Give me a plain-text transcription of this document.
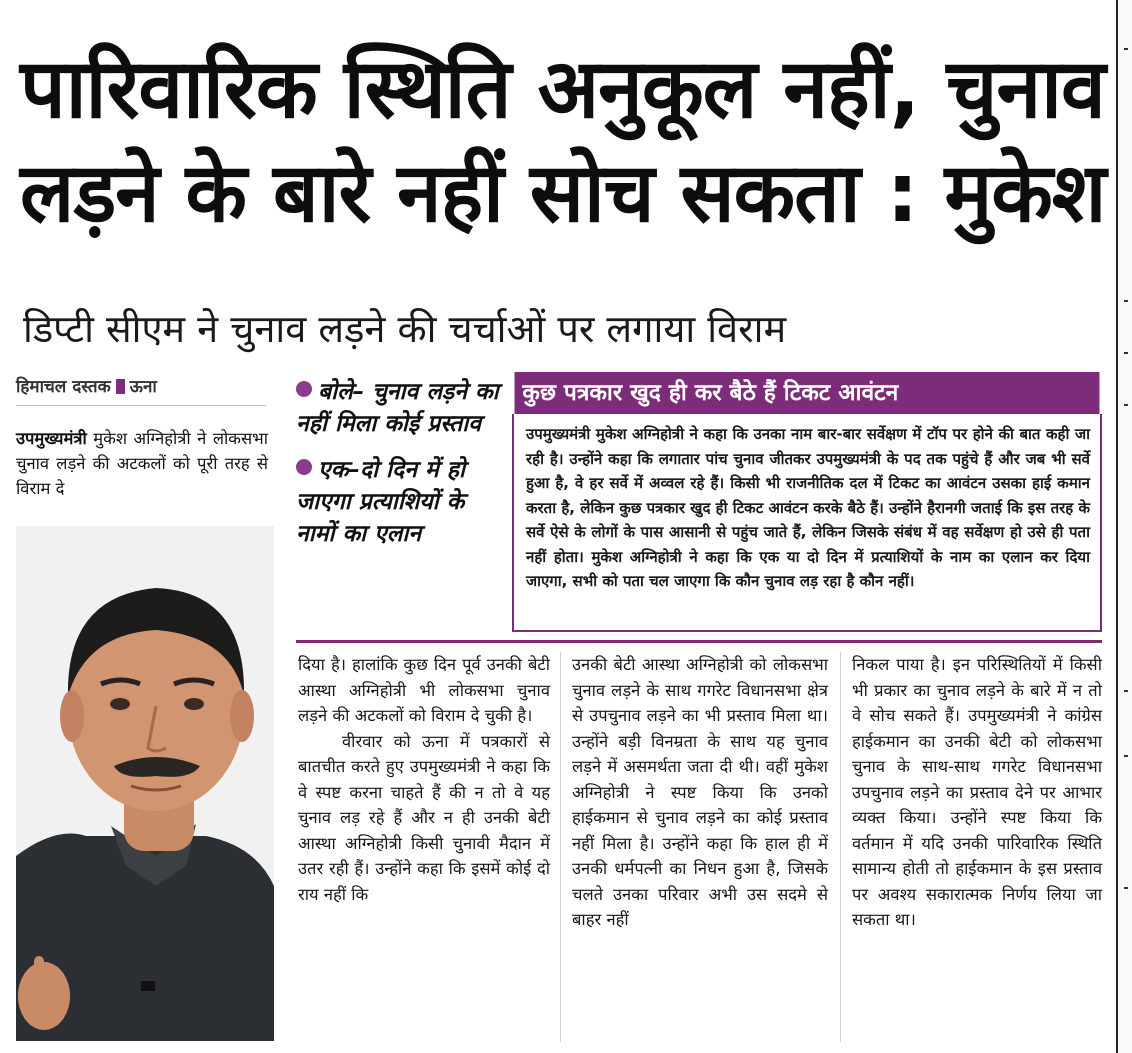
पारिवारिक स्थिति अनुकूल नहीं, चुनाव
लड़ने के बारे नहीं सोच सकता : मुकेश
डिप्टी सीएम ने चुनाव लड़ने की चर्चाओं पर लगाया विराम
हिमाचल दस्तक ऊना
उपमुख्यमंत्री मुकेश अग्निहोत्री ने लोकसभा चुनाव लड़ने की अटकलों को पूरी तरह से विराम दे
बोले– चुनाव लड़ने का नहीं मिला कोई प्रस्ताव
एक–दो दिन में हो जाएगा प्रत्याशियों के नामों का एलान
कुछ पत्रकार खुद ही कर बैठे हैं टिकट आवंटन
उपमुख्यमंत्री मुकेश अग्निहोत्री ने कहा कि उनका नाम बार-बार सर्वेक्षण में टॉप पर होने की बात कही जा रही है। उन्होंने कहा कि लगातार पांच चुनाव जीतकर उपमुख्यमंत्री के पद तक पहुंचे हैं और जब भी सर्वे हुआ है, वे हर सर्वे में अव्वल रहे हैं। किसी भी राजनीतिक दल में टिकट का आवंटन उसका हाई कमान करता है, लेकिन कुछ पत्रकार खुद ही टिकट आवंटन करके बैठे हैं। उन्होंने हैरानगी जताई कि इस तरह के सर्वे ऐसे के लोगों के पास आसानी से पहुंच जाते हैं, लेकिन जिसके संबंध में वह सर्वेक्षण हो उसे ही पता नहीं होता। मुकेश अग्निहोत्री ने कहा कि एक या दो दिन में प्रत्याशियों के नाम का एलान कर दिया जाएगा, सभी को पता चल जाएगा कि कौन चुनाव लड़ रहा है कौन नहीं।

दिया है। हालांकि कुछ दिन पूर्व उनकी बेटी आस्था अग्निहोत्री भी लोकसभा चुनाव लड़ने की अटकलों को विराम दे चुकी है।

वीरवार को ऊना में पत्रकारों से बातचीत करते हुए उपमुख्यमंत्री ने कहा कि वे स्पष्ट करना चाहते हैं की न तो वे यह चुनाव लड़ रहे हैं और न ही उनकी बेटी आस्था अग्निहोत्री किसी चुनावी मैदान में उतर रही हैं। उन्होंने कहा कि इसमें कोई दो राय नहीं कि

उनकी बेटी आस्था अग्निहोत्री को लोकसभा चुनाव लड़ने के साथ गगरेट विधानसभा क्षेत्र से उपचुनाव लड़ने का भी प्रस्ताव मिला था। उन्होंने बड़ी विनम्रता के साथ यह चुनाव लड़ने में असमर्थता जता दी थी। वहीं मुकेश अग्निहोत्री ने स्पष्ट किया कि उनको हाईकमान से चुनाव लड़ने का कोई प्रस्ताव नहीं मिला है। उन्होंने कहा कि हाल ही में उनकी धर्मपत्नी का निधन हुआ है, जिसके चलते उनका परिवार अभी उस सदमे से बाहर नहीं

निकल पाया है। इन परिस्थितियों में किसी भी प्रकार का चुनाव लड़ने के बारे में न तो वे सोच सकते हैं। उपमुख्यमंत्री ने कांग्रेस हाईकमान का उनकी बेटी को लोकसभा चुनाव के साथ-साथ गगरेट विधानसभा उपचुनाव लड़ने का प्रस्ताव देने पर आभार व्यक्त किया। उन्होंने स्पष्ट किया कि वर्तमान में यदि उनकी पारिवारिक स्थिति सामान्य होती तो हाईकमान के इस प्रस्ताव पर अवश्य सकारात्मक निर्णय लिया जा सकता था।
